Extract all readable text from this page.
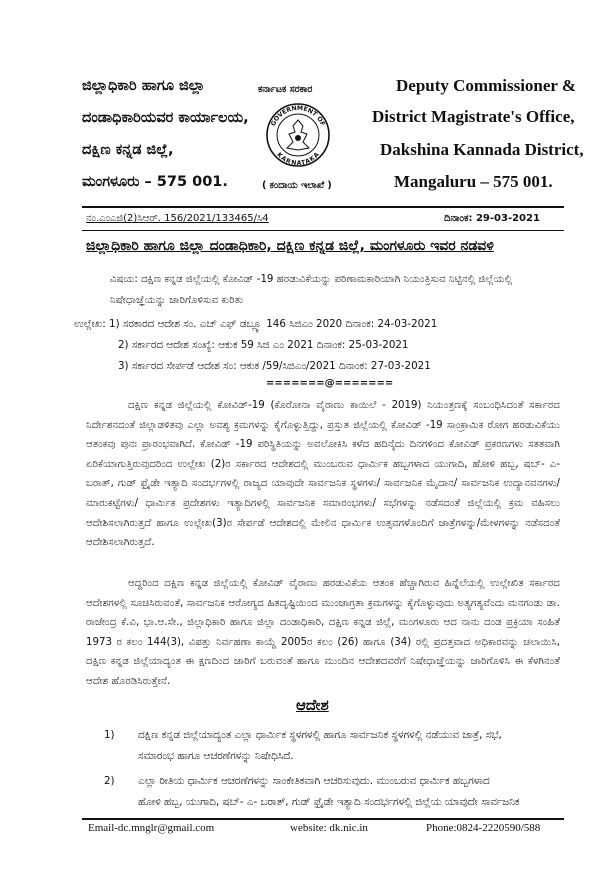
ಜಿಲ್ಲಾಧಿಕಾರಿ ಹಾಗೂ ಜಿಲ್ಲಾ
ದಂಡಾಧಿಕಾರಿಯವರ ಕಾರ್ಯಾಲಯ,
ದಕ್ಷಿಣ ಕನ್ನಡ ಜಿಲ್ಲೆ,
ಮಂಗಳೂರು – 575 001.
ಕರ್ನಾಟಕ ಸರಕಾರ
GOVERNMENT OF
KARNATAKA
( ಕಂದಾಯ ಇಲಾಖೆ )
Deputy Commissioner &
District Magistrate's Office,
Dakshina Kannada District,
Mangaluru – 575 001.
ನಂ.ಎಂಎಜಿ(2)ಸಿಆರ್. 156/2021/133465/ಸಿ4	ದಿನಾಂಕ: 29-03-2021
ಜಿಲ್ಲಾಧಿಕಾರಿ ಹಾಗೂ ಜಿಲ್ಲಾ ದಂಡಾಧಿಕಾರಿ, ದಕ್ಷಿಣ ಕನ್ನಡ ಜಿಲ್ಲೆ, ಮಂಗಳೂರು ಇವರ ನಡವಳಿ
ವಿಷಯ: ದಕ್ಷಿಣ ಕನ್ನಡ ಜಿಲ್ಲೆಯಲ್ಲಿ ಕೋವಿಡ್ -19 ಹರಡುವಿಕೆಯನ್ನು ಪರಿಣಾಮಕಾರಿಯಾಗಿ ನಿಯಂತ್ರಿಸುವ ನಿಟ್ಟಿನಲ್ಲಿ ಜಿಲ್ಲೆಯಲ್ಲಿ
ನಿಷೇಧಾಜ್ಞೆಯನ್ನು ಜಾರಿಗೊಳಿಸುವ ಕುರಿತು
ಉಲ್ಲೇಖ: 1) ಸರಕಾರದ ಆದೇಶ ಸಂ. ಎಚ್ ಎಫ್ ಡಬ್ಲ್ಯೂ 146 ಸಿಜಿಎಂ 2020 ದಿನಾಂಕ: 24-03-2021
2) ಸರ್ಕಾರದ ಆದೇಶ ಸಂಖ್ಯೆ: ಆಕುಕ 59 ಸಿಜಿ ಎಂ 2021 ದಿನಾಂಕ: 25-03-2021
3) ಸರ್ಕಾರದ ಸೇರ್ಪಡೆ ಆದೇಶ ಸಂ: ಆಕುಕ /59/ಸಿಜಿಎಂ/2021 ದಿನಾಂಕ: 27-03-2021
=======@=======

ದಕ್ಷಿಣ ಕನ್ನಡ ಜಿಲ್ಲೆಯಲ್ಲಿ ಕೋವಿಡ್-19 (ಕೊರೋನಾ ವೈರಾಣು ಕಾಯಿಲೆ - 2019) ನಿಯಂತ್ರಣಕ್ಕೆ ಸಂಬಂಧಿಸಿದಂತೆ ಸರ್ಕಾರದ ನಿರ್ದೇಶನದಂತೆ ಜಿಲ್ಲಾಡಳಿತವು ಎಲ್ಲಾ ಅವಶ್ಯ ಕ್ರಮಗಳನ್ನು ಕೈಗೊಳ್ಳುತ್ತಿದ್ದು, ಪ್ರಸ್ತುತ ಜಿಲ್ಲೆಯಲ್ಲಿ ಕೋವಿಡ್ -19 ಸಾಂಕ್ರಾಮಿಕ ರೋಗ ಹರಡುವಿಕೆಯು ಆತಂಕವು ಪುನಃ ಪ್ರಾರಂಭವಾಗಿದೆ. ಕೋವಿಡ್ -19 ಪರಿಸ್ಥಿತಿಯನ್ನು ಅವಲೋಕಿಸಿ ಕಳೆದ ಹದಿನೈದು ದಿನಗಳಿಂದ ಕೋವಿಡ್ ಪ್ರಕರಣಗಳು ಸತತವಾಗಿ ಏರಿಕೆಯಾಗುತ್ತಿರುವುದರಿಂದ ಉಲ್ಲೇಖ (2)ರ ಸರ್ಕಾರದ ಆದೇಶದಲ್ಲಿ ಮುಂಬರುವ ಧಾರ್ಮಿಕ ಹಬ್ಬಗಳಾದ ಯುಗಾದಿ, ಹೋಳಿ ಹಬ್ಬ, ಷಬ್- ಎ- ಬರಾತ್, ಗುಡ್ ಫ್ರೈಡೇ ಇತ್ಯಾದಿ ಸಂದರ್ಭಗಳಲ್ಲಿ ರಾಜ್ಯದ ಯಾವುದೇ ಸಾರ್ವಜನಿಕ ಸ್ಥಳಗಳು/ ಸಾರ್ವಜನಿಕ ಮೈದಾನ/ ಸಾರ್ವಜನಿಕ ಉದ್ಯಾನವನಗಳು/ ಮಾರುಕಟ್ಟೆಗಳು/ ಧಾರ್ಮಿಕ ಪ್ರದೇಶಗಳು ಇತ್ಯಾದಿಗಳಲ್ಲಿ ಸಾರ್ವಜನಿಕ ಸಮಾರಂಭಗಳು/ ಸಭೆಗಳನ್ನು ನಡೆಸದಂತೆ ಜಿಲ್ಲೆಯಲ್ಲಿ ಕ್ರಮ ವಹಿಸಲು ಆದೇಶಿಸಲಾಗಿರುತ್ತದೆ ಹಾಗೂ ಉಲ್ಲೇಖ(3)ರ ಸೇರ್ಪಡೆ ಆದೇಶದಲ್ಲಿ ಮೇಲಿನ ಧಾರ್ಮಿಕ ಉತ್ಸವಗಳೊಂದಿಗೆ ಜಾತ್ರೆಗಳನ್ನು/ಮೇಳಗಳನ್ನು ನಡೆಸದಂತೆ ಆದೇಶಿಸಲಾಗಿರುತ್ತದೆ.

ಆದ್ದರಿಂದ ದಕ್ಷಿಣ ಕನ್ನಡ ಜಿಲ್ಲೆಯಲ್ಲಿ ಕೋವಿಡ್ ವೈರಾಣು ಹರಡುವಿಕೆಯ ಆತಂಕ ಹೆಚ್ಚಾಗಿರುವ ಹಿನ್ನೆಲೆಯಲ್ಲಿ ಉಲ್ಲೇಖಿತ ಸರ್ಕಾರದ ಆದೇಶಗಳಲ್ಲಿ ಸೂಚಿಸಿರುವಂತೆ, ಸಾರ್ವಜನಿಕ ಆರೋಗ್ಯದ ಹಿತದೃಷ್ಟಿಯಿಂದ ಮುಂಜಾಗ್ರತಾ ಕ್ರಮಗಳನ್ನು ಕೈಗೊಳ್ಳುವುದು ಅತ್ಯಗತ್ಯವೆಂದು ಮನಗಂಡು ಡಾ. ರಾಜೇಂದ್ರ ಕೆ.ವಿ, ಭಾ.ಆ.ಸೇ., ಜಿಲ್ಲಾಧಿಕಾರಿ ಹಾಗೂ ಜಿಲ್ಲಾ ದಂಡಾಧಿಕಾರಿ, ದಕ್ಷಿಣ ಕನ್ನಡ ಜಿಲ್ಲೆ, ಮಂಗಳೂರು ಆದ ನಾನು ದಂಡ ಪ್ರಕ್ರಿಯಾ ಸಂಹಿತೆ 1973 ರ ಕಲಂ 144(3), ವಿಪತ್ತು ನಿರ್ವಹಣಾ ಕಾಯ್ದೆ 2005ರ ಕಲಂ (26) ಹಾಗೂ (34) ರಲ್ಲಿ ಪ್ರದತ್ತವಾದ ಅಧಿಕಾರವನ್ನು ಚಲಾಯಿಸಿ, ದಕ್ಷಿಣ ಕನ್ನಡ ಜಿಲ್ಲೆಯಾದ್ಯಂತ ಈ ಕ್ಷಣದಿಂದ ಜಾರಿಗೆ ಬರುವಂತೆ ಹಾಗೂ ಮುಂದಿನ ಆದೇಶದವರೆಗೆ ನಿಷೇಧಾಜ್ಞೆಯನ್ನು ಜಾರಿಗೊಳಿಸಿ ಈ ಕೆಳಗಿನಂತೆ ಆದೇಶ ಹೊರಡಿಸಿರುತ್ತೇನೆ.

ಆದೇಶ
1) ದಕ್ಷಿಣ ಕನ್ನಡ ಜಿಲ್ಲೆಯಾದ್ಯಂತ ಎಲ್ಲಾ ಧಾರ್ಮಿಕ ಸ್ಥಳಗಳಲ್ಲಿ ಹಾಗೂ ಸಾರ್ವಜನಿಕ ಸ್ಥಳಗಳಲ್ಲಿ ನಡೆಯುವ ಜಾತ್ರೆ, ಸಭೆ,
ಸಮಾರಂಭ ಹಾಗೂ ಆಚರಣೆಗಳನ್ನು ನಿಷೇಧಿಸಿದೆ.
2) ಎಲ್ಲಾ ರೀತಿಯ ಧಾರ್ಮಿಕ ಆಚರಣೆಗಳನ್ನು ಸಾಂಕೇತಿಕವಾಗಿ ಆಚರಿಸುವುದು. ಮುಂಬರುವ ಧಾರ್ಮಿಕ ಹಬ್ಬಗಳಾದ
ಹೋಳಿ ಹಬ್ಬ, ಯುಗಾದಿ, ಷಬ್- ಎ- ಬರಾತ್, ಗುಡ್ ಫ್ರೈಡೇ ಇತ್ಯಾದಿ ಸಂದರ್ಭಗಳಲ್ಲಿ ಜಿಲ್ಲೆಯ ಯಾವುದೇ ಸಾರ್ವಜನಿಕ
Email-dc.mnglr@gmail.com	website: dk.nic.in	Phone:0824-2220590/588
